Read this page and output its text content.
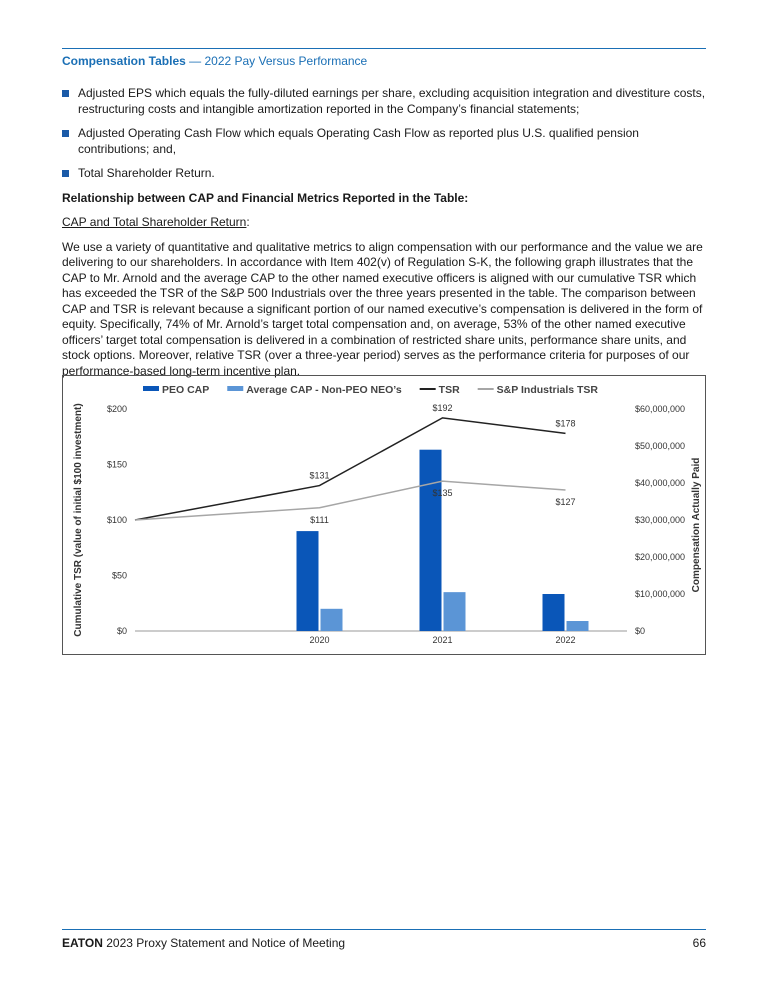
Compensation Tables — 2022 Pay Versus Performance
Adjusted EPS which equals the fully-diluted earnings per share, excluding acquisition integration and divestiture costs, restructuring costs and intangible amortization reported in the Company’s financial statements;
Adjusted Operating Cash Flow which equals Operating Cash Flow as reported plus U.S. qualified pension contributions; and,
Total Shareholder Return.

Relationship between CAP and Financial Metrics Reported in the Table:

CAP and Total Shareholder Return:

We use a variety of quantitative and qualitative metrics to align compensation with our performance and the value we are delivering to our shareholders. In accordance with Item 402(v) of Regulation S-K, the following graph illustrates that the CAP to Mr. Arnold and the average CAP to the other named executive officers is aligned with our cumulative TSR which has exceeded the TSR of the S&P 500 Industrials over the three years presented in the table. The comparison between CAP and TSR is relevant because a significant portion of our named executive’s compensation is delivered in the form of equity. Specifically, 74% of Mr. Arnold’s target total compensation and, on average, 53% of the other named executive officers’ target total compensation is delivered in a combination of restricted share units, performance share units, and stock options. Moreover, relative TSR (over a three-year period) serves as the performance criteria for purposes of our performance-based long-term incentive plan.

$0
$50
$100
$150
$200
$0
$10,000,000
$20,000,000
$30,000,000
$40,000,000
$50,000,000
$60,000,000
Cumulative TSR (value of initial $100 investment)	Compensation Actually Paid
2020	2021	2022
$131
$192
$178
$111
$135
$127
PEO CAP	Average CAP - Non-PEO NEO’s	TSR	S&P Industrials TSR
EATON 2023 Proxy Statement and Notice of Meeting	66
